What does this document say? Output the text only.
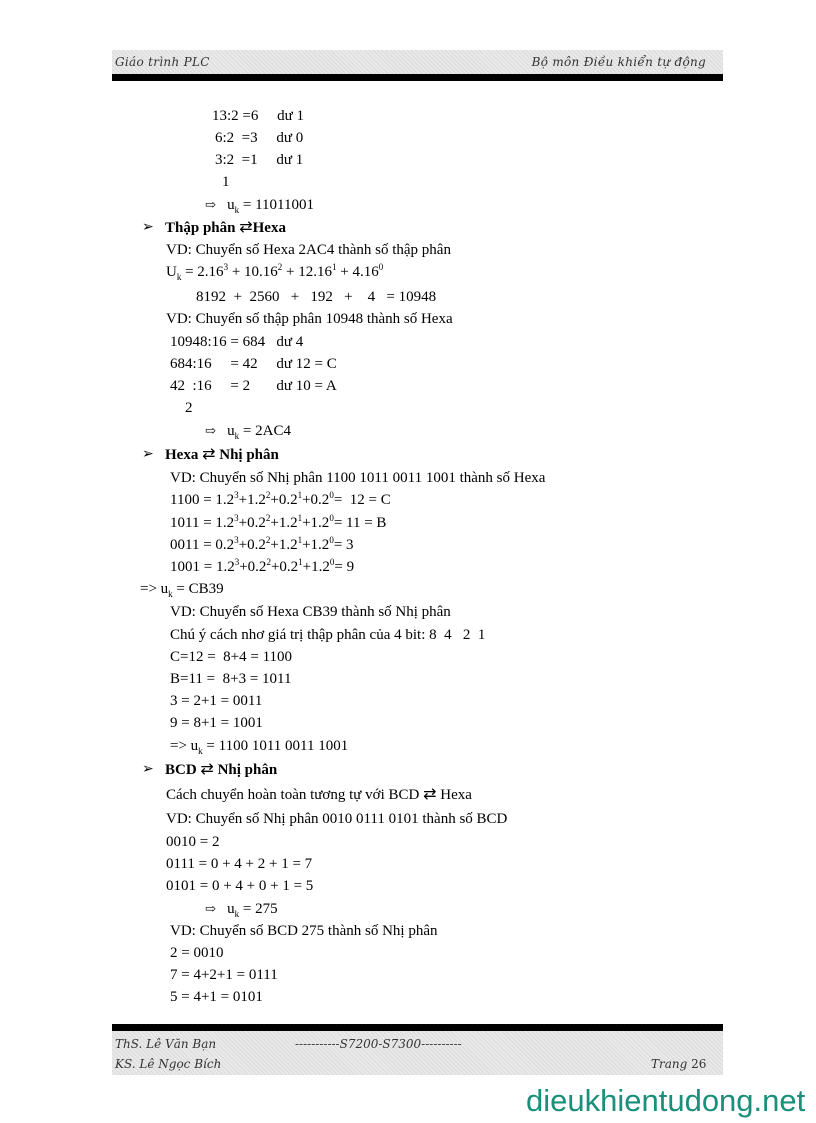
Giáo trình PLC	Bộ môn Điều khiển tự động
13:2 =6     dư 1
6:2  =3     dư 0
3:2  =1     dư 1
1
⇨ $u_k = 11011001$
Thập phân ⇄Hexa
➢
VD: Chuyển số Hexa 2AC4 thành số thập phân
$U_k = 2.16^3 + 10.16^2 + 12.16^1 + 4.16^0$
8192  +  2560   +   192   +    4   = 10948
VD: Chuyển số thập phân 10948 thành số Hexa
10948:16 = 684   dư 4
684:16     = 42     dư 12 = C
42  :16     = 2       dư 10 = A
2
⇨ $u_k = 2AC4$
Hexa ⇄ Nhị phân
➢
VD: Chuyển số Nhị phân 1100 1011 0011 1001 thành số Hexa
$1100 = 1.2^3+1.2^2+0.2^1+0.2^0= 12 = C$
$1011 = 1.2^3+0.2^2+1.2^1+1.2^0= 11 = B$
$0011 = 0.2^3+0.2^2+1.2^1+1.2^0= 3$
$1001 = 1.2^3+0.2^2+0.2^1+1.2^0= 9$
=> $u_k = CB39$
VD: Chuyển số Hexa CB39 thành số Nhị phân
Chú ý cách nhơ giá trị thập phân của 4 bit: 8  4   2  1
C=12 =  8+4 = 1100
B=11 =  8+3 = 1011
3 = 2+1 = 0011
9 = 8+1 = 1001
=> $u_k = 1100$ 1011 0011 1001
BCD ⇄ Nhị phân
➢
Cách chuyển hoàn toàn tương tự với BCD ⇄ Hexa
VD: Chuyển số Nhị phân 0010 0111 0101 thành số BCD
0010 = 2
0111 = 0 + 4 + 2 + 1 = 7
0101 = 0 + 4 + 0 + 1 = 5
⇨ $u_k = 275$
VD: Chuyển số BCD 275 thành số Nhị phân
2 = 0010
7 = 4+2+1 = 0111
5 = 4+1 = 0101
ThS. Lê Văn Bạn	-----------S7200-S7300----------
KS. Lê Ngọc Bích	Trang 26
dieukhientudong.net
